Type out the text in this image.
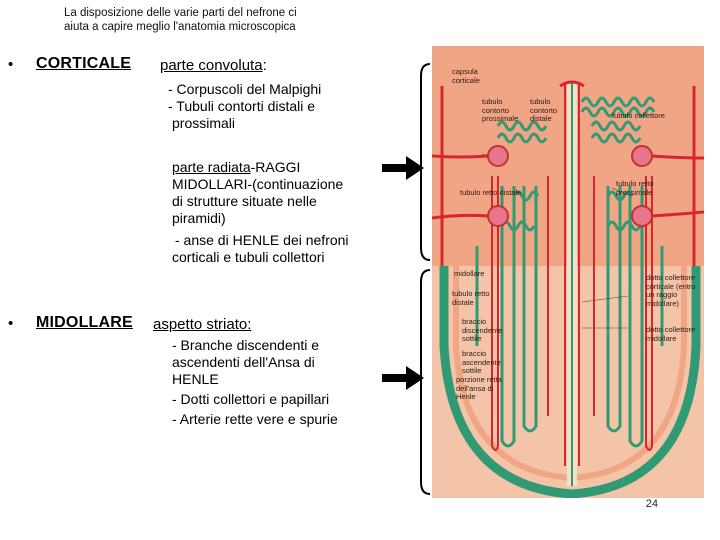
La disposizione delle varie parti del nefrone ci
aiuta a capire meglio l'anatomia microscopica
• CORTICALE parte convoluta:
- Corpuscoli del Malpighi
- Tubuli contorti distali e
prossimali
parte radiata-RAGGI
MIDOLLARI-(continuazione
di strutture situate nelle
piramidi)
- anse di HENLE dei nefroni
corticali e tubuli collettori
• MIDOLLARE aspetto striato:
- Branche discendenti e
ascendenti dell'Ansa di
HENLE
- Dotti collettori e papillari
- Arterie rette vere e spurie
capsula
corticale
tubulo
contorto
prossimale
tubulo
contorto
distale	tubulo collettore
tubulo retto distale
tubulo retto
prossimale
midollare
tubulo retto
distale
dotto collettore
corticale (entro
un raggio
midollare)
braccio
discendente
sottile
dotto collettore
midollare
braccio
ascendente
sottile
porzione retta
dell'ansa di
Henle
24
